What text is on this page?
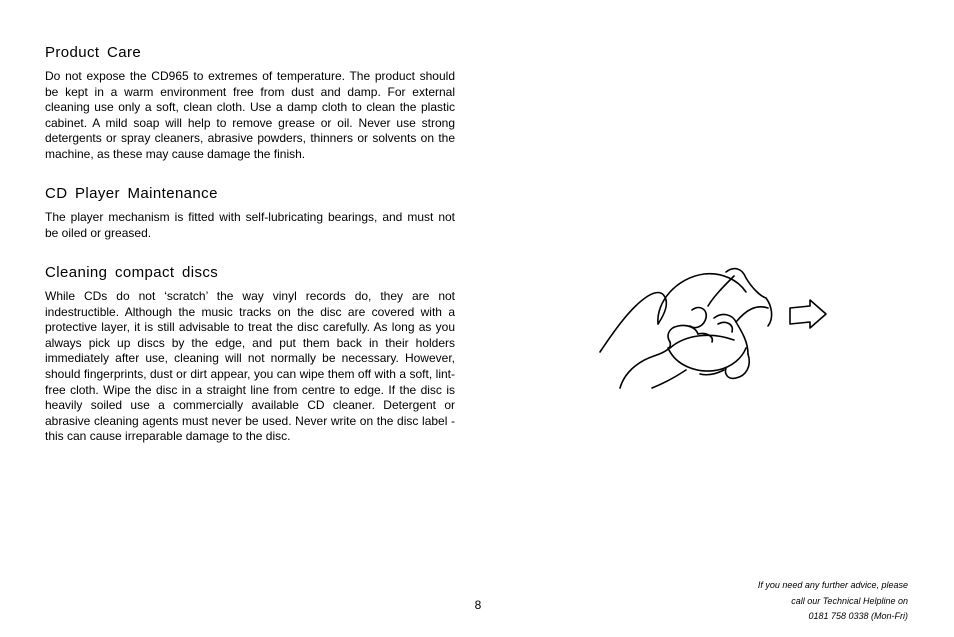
Product Care

Do not expose the CD965 to extremes of temperature. The product should be kept in a warm environment free from dust and damp. For external cleaning use only a soft, clean cloth. Use a damp cloth to clean the plastic cabinet. A mild soap will help to remove grease or oil. Never use strong detergents or spray cleaners, abrasive powders, thinners or solvents on the machine, as these may cause damage the finish.

CD Player Maintenance

The player mechanism is fitted with self-lubricating bearings, and must not be oiled or greased.

Cleaning compact discs

While CDs do not ‘scratch’ the way vinyl records do, they are not indestructible. Although the music tracks on the disc are covered with a protective layer, it is still advisable to treat the disc carefully. As long as you always pick up discs by the edge, and put them back in their holders immediately after use, cleaning will not normally be necessary. However, should fingerprints, dust or dirt appear, you can wipe them off with a soft, lint-free cloth. Wipe the disc in a straight line from centre to edge. If the disc is heavily soiled use a commercially available CD cleaner. Detergent or abrasive cleaning agents must never be used. Never write on the disc label - this can cause irreparable damage to the disc.

8
If you need any further advice, please
call our Technical Helpline on
0181 758 0338 (Mon-Fri)
